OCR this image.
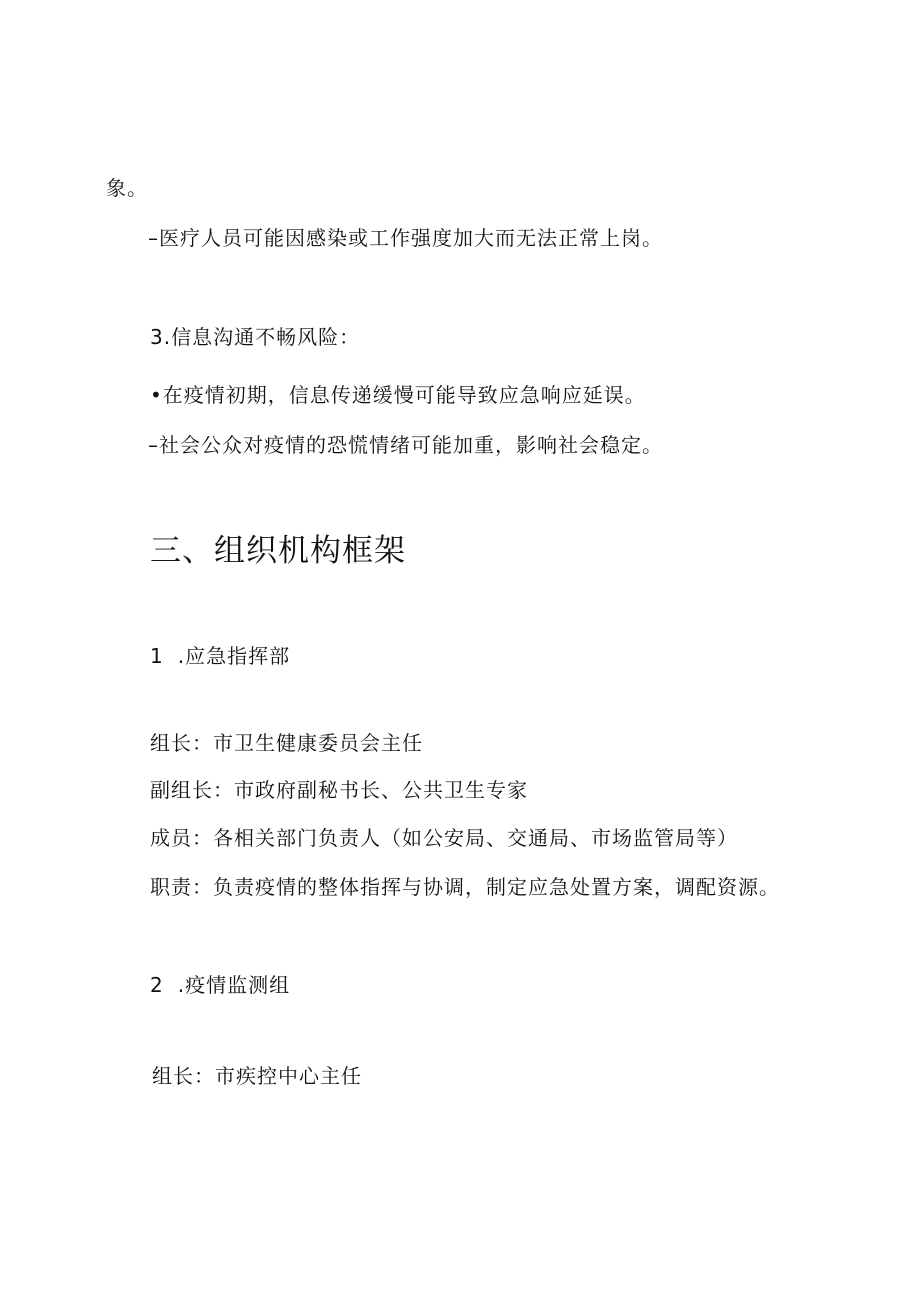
象。
–医疗人员可能因感染或工作强度加大而无法正常上岗。
3.信息沟通不畅风险：
•在疫情初期，信息传递缓慢可能导致应急响应延误。
–社会公众对疫情的恐慌情绪可能加重，影响社会稳定。
三、组织机构框架
1 .应急指挥部
组长：市卫生健康委员会主任
副组长：市政府副秘书长、公共卫生专家
成员：各相关部门负责人（如公安局、交通局、市场监管局等）
职责：负责疫情的整体指挥与协调，制定应急处置方案，调配资源。
2 .疫情监测组
组长：市疾控中心主任
